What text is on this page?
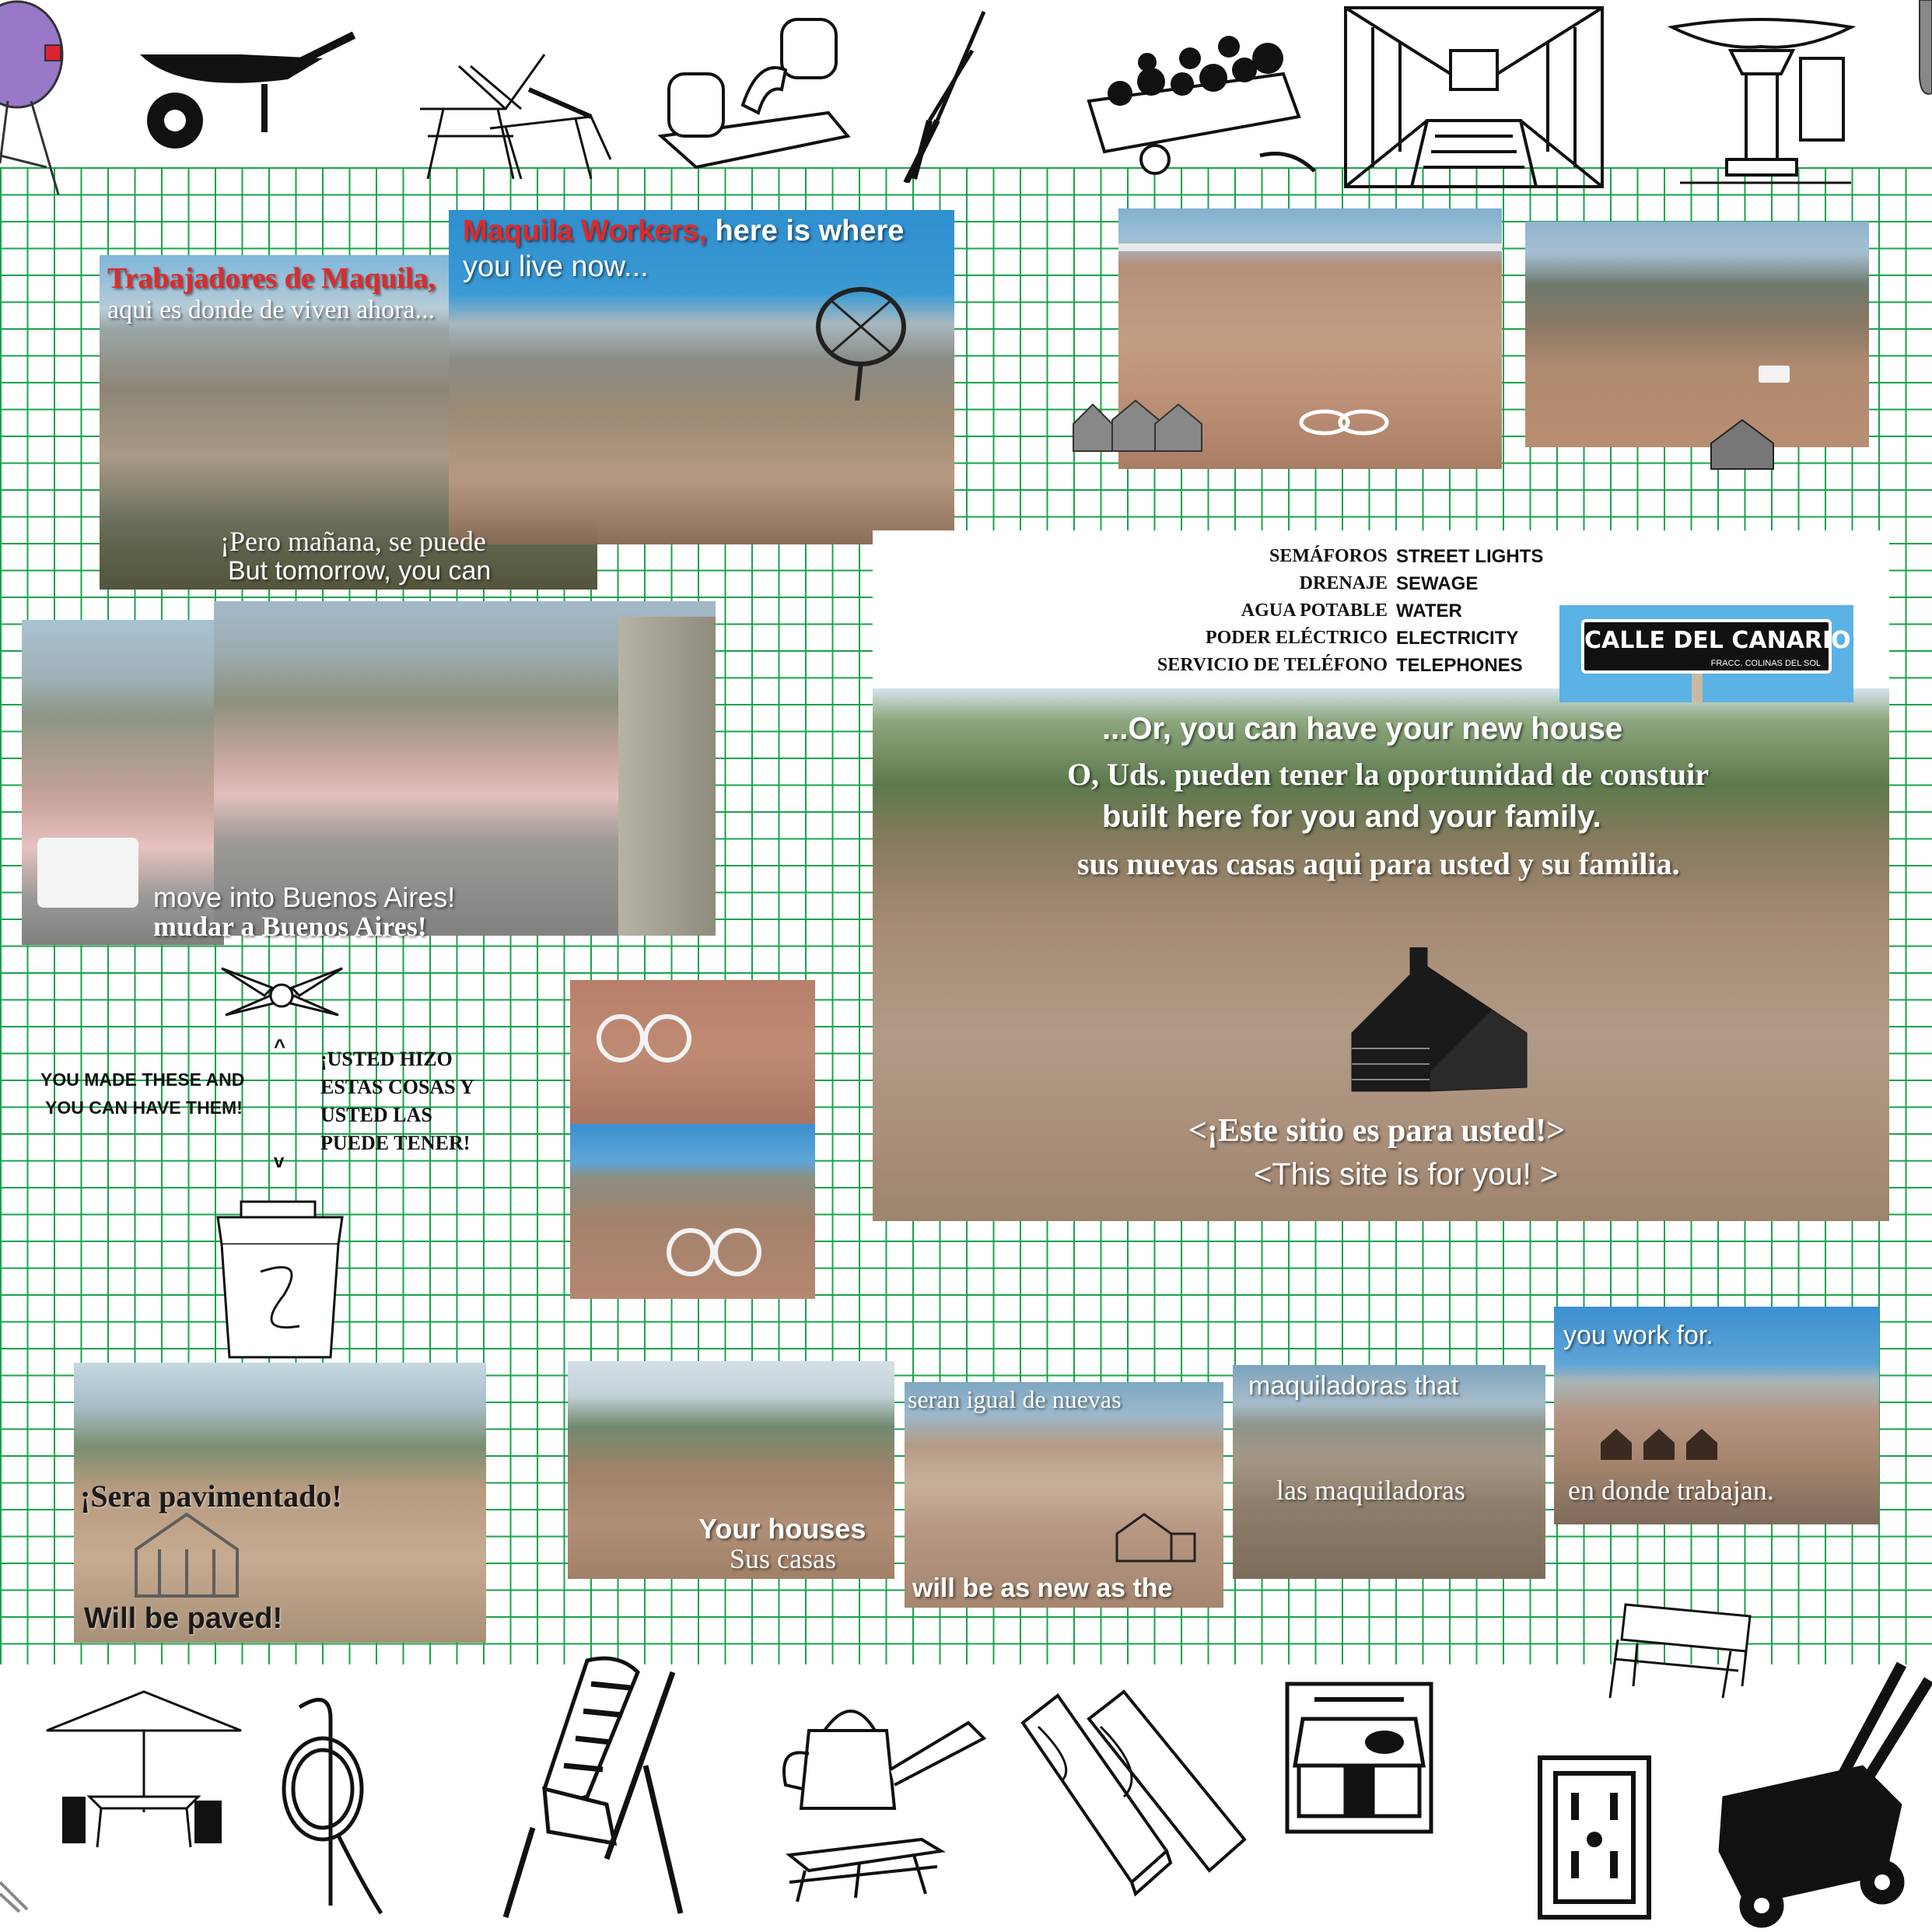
Trabajadores de Maquila,
aqui es donde de viven ahora...
Maquila Workers, here is where
you live now...
¡Pero mañana, se puede
But tomorrow, you can
move into Buenos Aires!
mudar a Buenos Aires!
^
YOU MADE THESE AND
YOU CAN HAVE THEM!
¡USTED HIZO
ESTAS COSAS Y
USTED LAS
PUEDE TENER!
v
SEMÁFOROS
DRENAJE
AGUA POTABLE
PODER ELÉCTRICO
SERVICIO DE TELÉFONO
STREET LIGHTS
SEWAGE
WATER
ELECTRICITY
TELEPHONES
CALLE DEL CANARIO
FRACC. COLINAS DEL SOL
...Or, you can have your new house
O, Uds. pueden tener la oportunidad de constuir
built here for you and your family.
sus nuevas casas aqui para usted y su familia.
<¡Este sitio es para usted!>
<This site is for you! >
¡Sera pavimentado!
Will be paved!
Your houses
Sus casas
seran igual de nuevas
will be as new as the
maquiladoras that
las maquiladoras
you work for.
en donde trabajan.
